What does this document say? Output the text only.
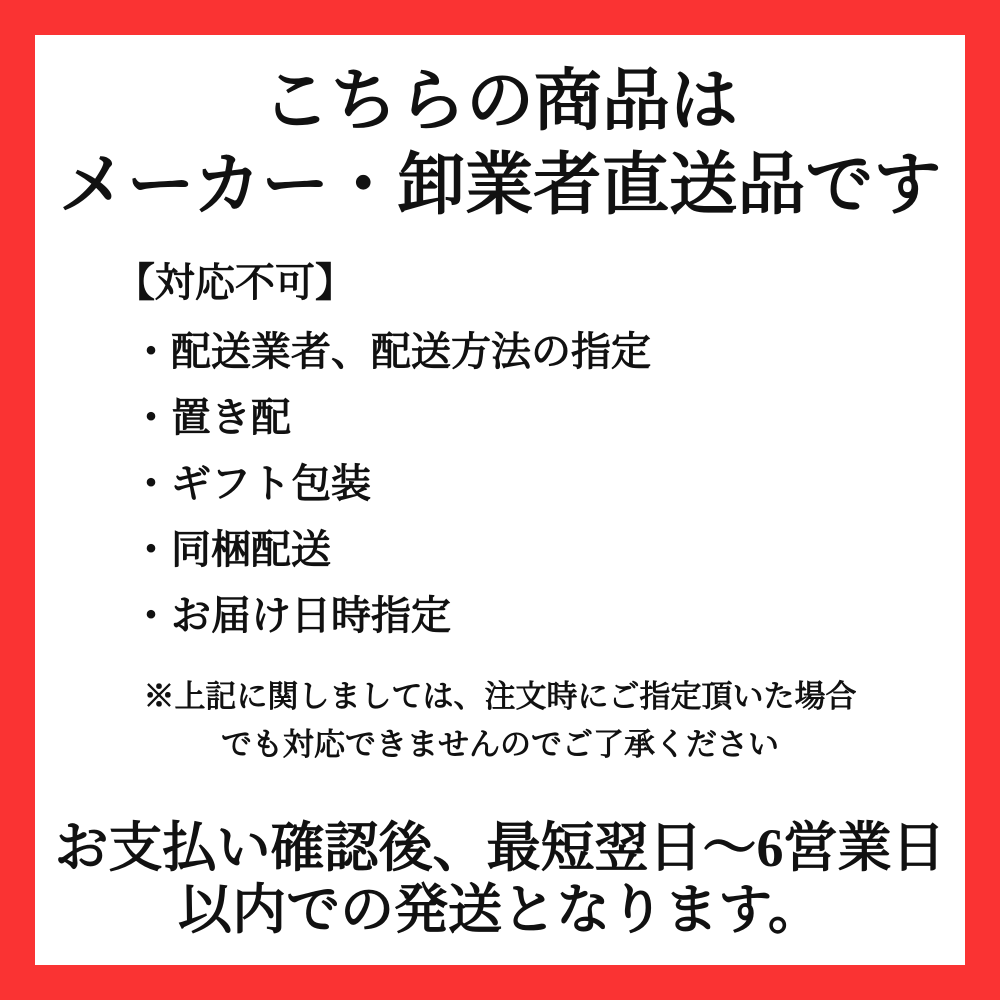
こちらの商品は
メーカー・卸業者直送品です
【対応不可】
・配送業者、配送方法の指定
・置き配
・ギフト包装
・同梱配送
・お届け日時指定
※上記に関しましては、注文時にご指定頂いた場合
でも対応できませんのでご了承ください
お支払い確認後、最短翌日〜6営業日
以内での発送となります。
